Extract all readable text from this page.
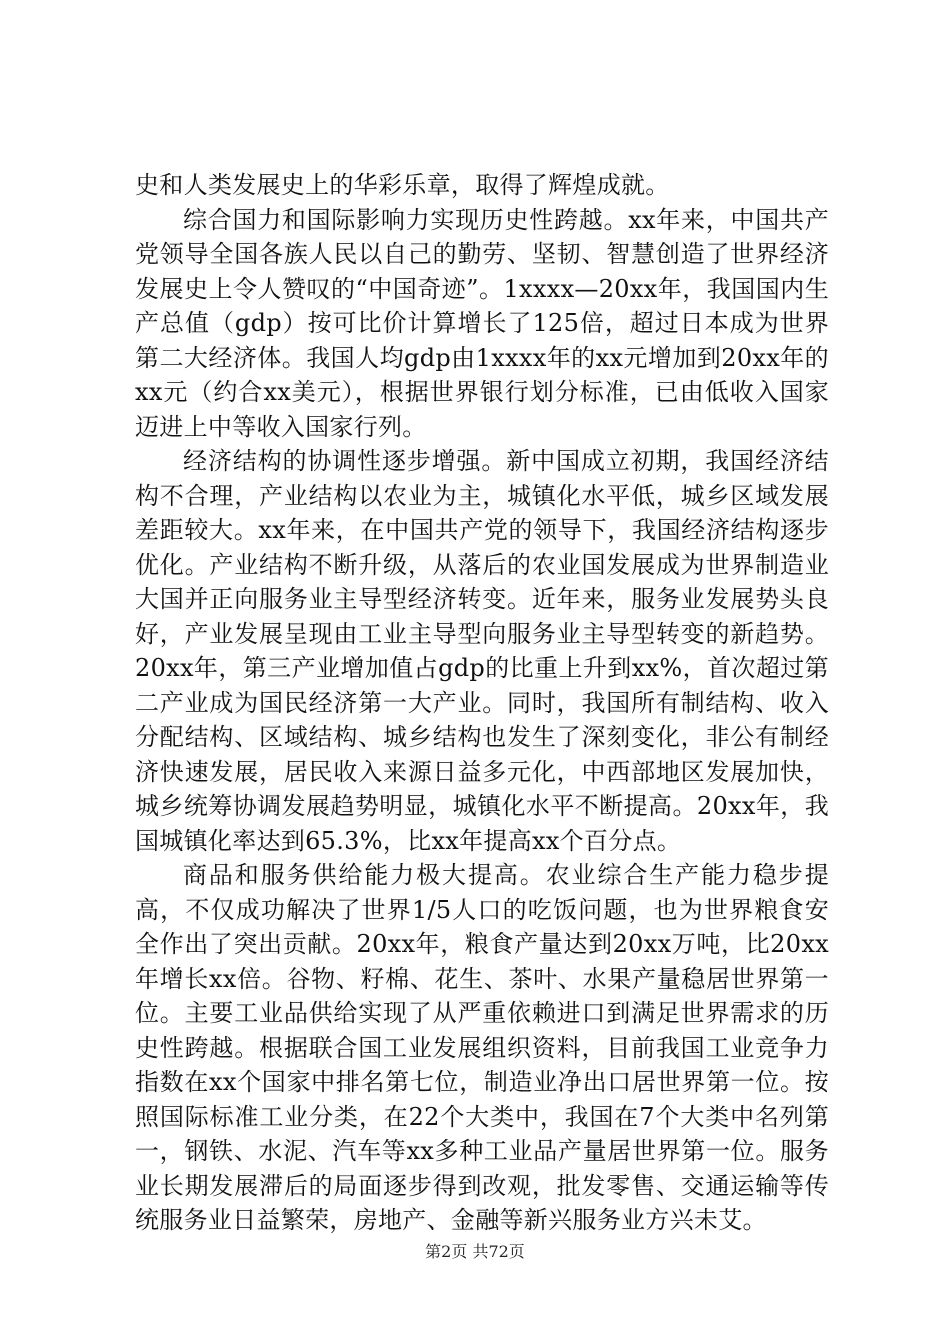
史和人类发展史上的华彩乐章，取得了辉煌成就。

综合国力和国际影响力实现历史性跨越。xx年来，中国共产党领导全国各族人民以自己的勤劳、坚韧、智慧创造了世界经济发展史上令人赞叹的“中国奇迹”。1xxxx—20xx年，我国国内生产总值（gdp）按可比价计算增长了125倍，超过日本成为世界第二大经济体。我国人均gdp由1xxxx年的xx元增加到20xx年的xx元（约合xx美元），根据世界银行划分标准，已由低收入国家迈进上中等收入国家行列。

经济结构的协调性逐步增强。新中国成立初期，我国经济结构不合理，产业结构以农业为主，城镇化水平低，城乡区域发展差距较大。xx年来，在中国共产党的领导下，我国经济结构逐步优化。产业结构不断升级，从落后的农业国发展成为世界制造业大国并正向服务业主导型经济转变。近年来，服务业发展势头良好，产业发展呈现由工业主导型向服务业主导型转变的新趋势。20xx年，第三产业增加值占gdp的比重上升到xx%，首次超过第二产业成为国民经济第一大产业。同时，我国所有制结构、收入分配结构、区域结构、城乡结构也发生了深刻变化，非公有制经济快速发展，居民收入来源日益多元化，中西部地区发展加快，城乡统筹协调发展趋势明显，城镇化水平不断提高。20xx年，我国城镇化率达到65.3%，比xx年提高xx个百分点。

商品和服务供给能力极大提高。农业综合生产能力稳步提高，不仅成功解决了世界1/5人口的吃饭问题，也为世界粮食安全作出了突出贡献。20xx年，粮食产量达到20xx万吨，比20xx年增长xx倍。谷物、籽棉、花生、茶叶、水果产量稳居世界第一位。主要工业品供给实现了从严重依赖进口到满足世界需求的历史性跨越。根据联合国工业发展组织资料，目前我国工业竞争力指数在xx个国家中排名第七位，制造业净出口居世界第一位。按照国际标准工业分类，在22个大类中，我国在7个大类中名列第一，钢铁、水泥、汽车等xx多种工业品产量居世界第一位。服务业长期发展滞后的局面逐步得到改观，批发零售、交通运输等传统服务业日益繁荣，房地产、金融等新兴服务业方兴未艾。

第2页 共72页
